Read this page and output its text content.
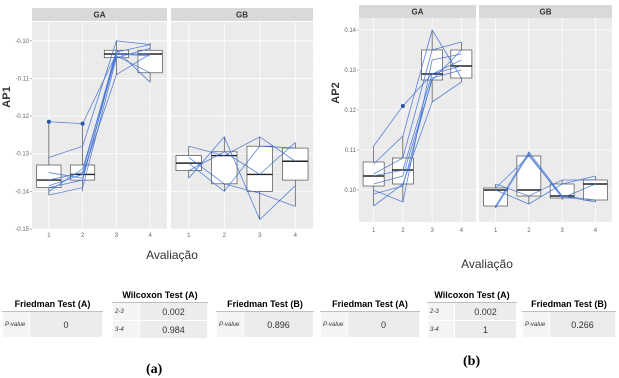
AP1
Avaliação
-0.15
-0.14
-0.13
-0.12
-0.11
-0.10
GA
1	2	3	4
GB
1	2	3	4
AP2
Avaliação
0.10
0.11
0.12
0.13
0.14
GA
1	2	3	4
GB
1	2	3	4
Friedman Test (A)
P-value	0
Wilcoxon Test (A)	
2-3	0.002
3-4	0.984
Friedman Test (B)
P-value	0.896
Friedman Test (A)
P-value	0
Wilcoxon Test (A)	
2-3	0.002
3-4	1
Friedman Test (B)
P-value	0.266
(a)
(b)
